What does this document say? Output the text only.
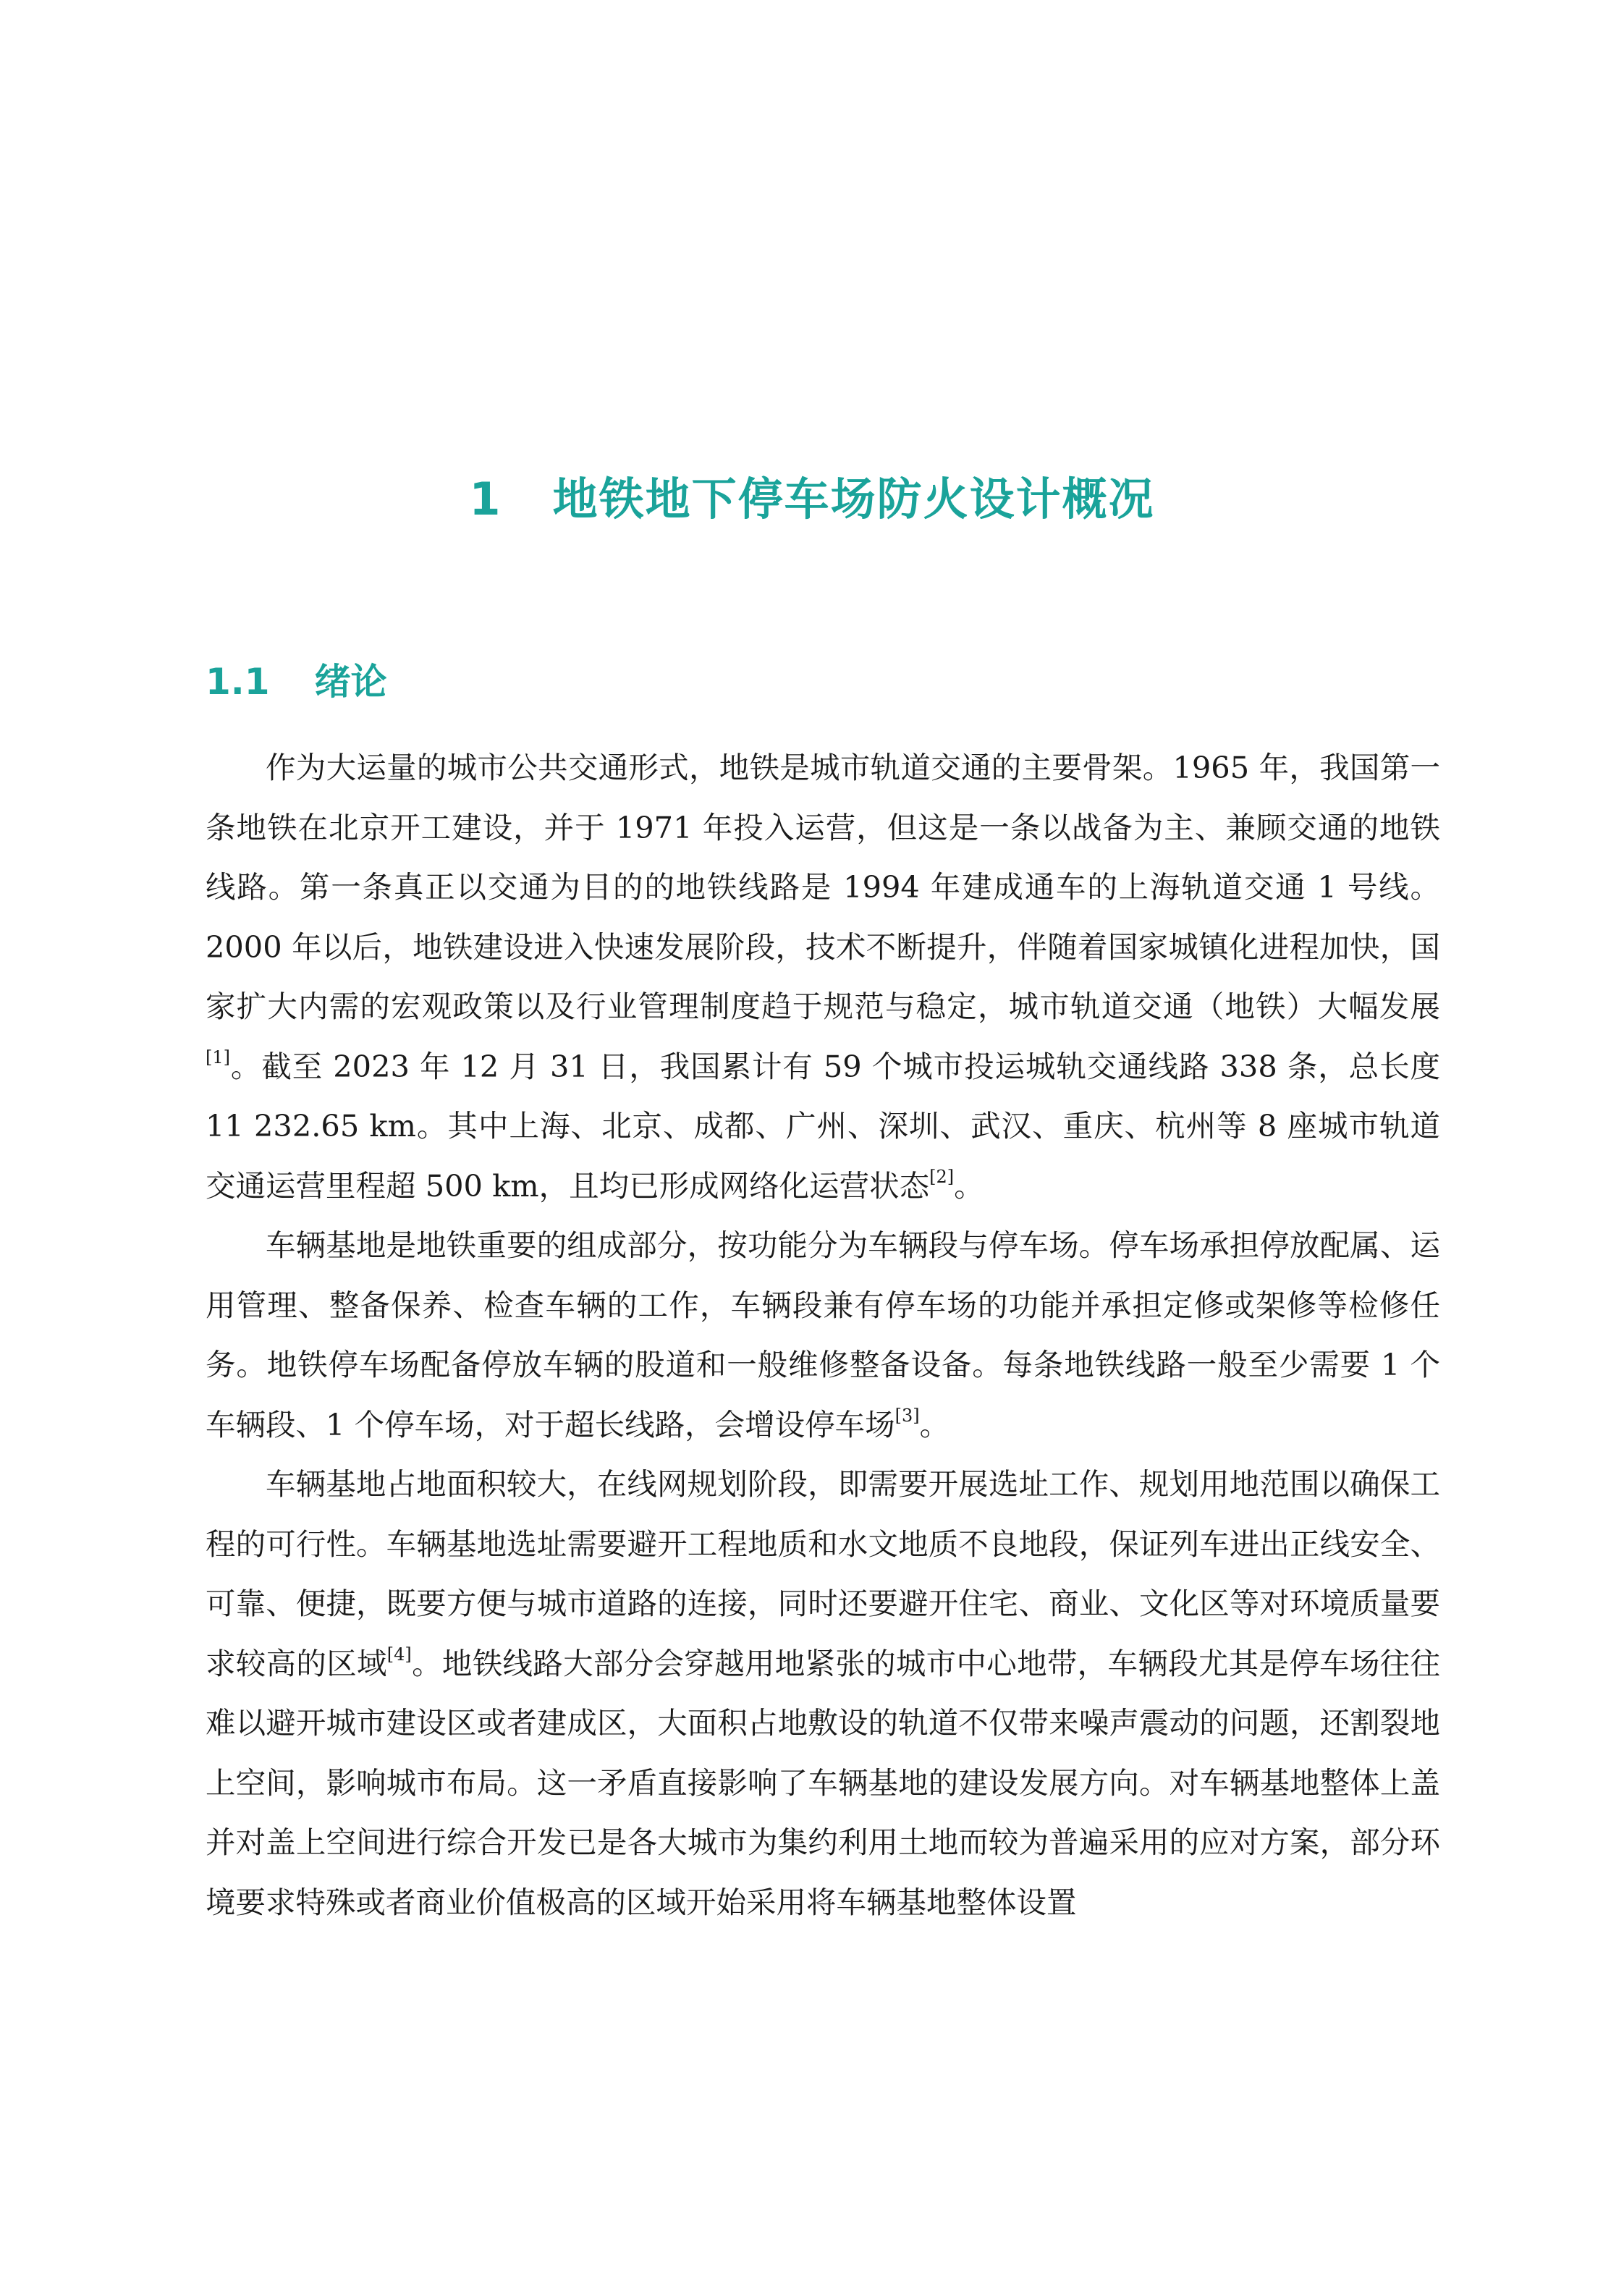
1 地铁地下停车场防火设计概况
1.1 绪论

作为大运量的城市公共交通形式，地铁是城市轨道交通的主要骨架。1965 年，我国第一条地铁在北京开工建设，并于 1971 年投入运营，但这是一条以战备为主、兼顾交通的地铁线路。第一条真正以交通为目的的地铁线路是 1994 年建成通车的上海轨道交通 1 号线。2000 年以后，地铁建设进入快速发展阶段，技术不断提升，伴随着国家城镇化进程加快，国家扩大内需的宏观政策以及行业管理制度趋于规范与稳定，城市轨道交通（地铁）大幅发展[1]。截至 2023 年 12 月 31 日，我国累计有 59 个城市投运城轨交通线路 338 条，总长度 11 232.65 km。其中上海、北京、成都、广州、深圳、武汉、重庆、杭州等 8 座城市轨道交通运营里程超 500 km，且均已形成网络化运营状态[2]。

车辆基地是地铁重要的组成部分，按功能分为车辆段与停车场。停车场承担停放配属、运用管理、整备保养、检查车辆的工作，车辆段兼有停车场的功能并承担定修或架修等检修任务。地铁停车场配备停放车辆的股道和一般维修整备设备。每条地铁线路一般至少需要 1 个车辆段、1 个停车场，对于超长线路，会增设停车场[3]。

车辆基地占地面积较大，在线网规划阶段，即需要开展选址工作、规划用地范围以确保工程的可行性。车辆基地选址需要避开工程地质和水文地质不良地段，保证列车进出正线安全、可靠、便捷，既要方便与城市道路的连接，同时还要避开住宅、商业、文化区等对环境质量要求较高的区域[4]。地铁线路大部分会穿越用地紧张的城市中心地带，车辆段尤其是停车场往往难以避开城市建设区或者建成区，大面积占地敷设的轨道不仅带来噪声震动的问题，还割裂地上空间，影响城市布局。这一矛盾直接影响了车辆基地的建设发展方向。对车辆基地整体上盖并对盖上空间进行综合开发已是各大城市为集约利用土地而较为普遍采用的应对方案，部分环境要求特殊或者商业价值极高的区域开始采用将车辆基地整体设置
